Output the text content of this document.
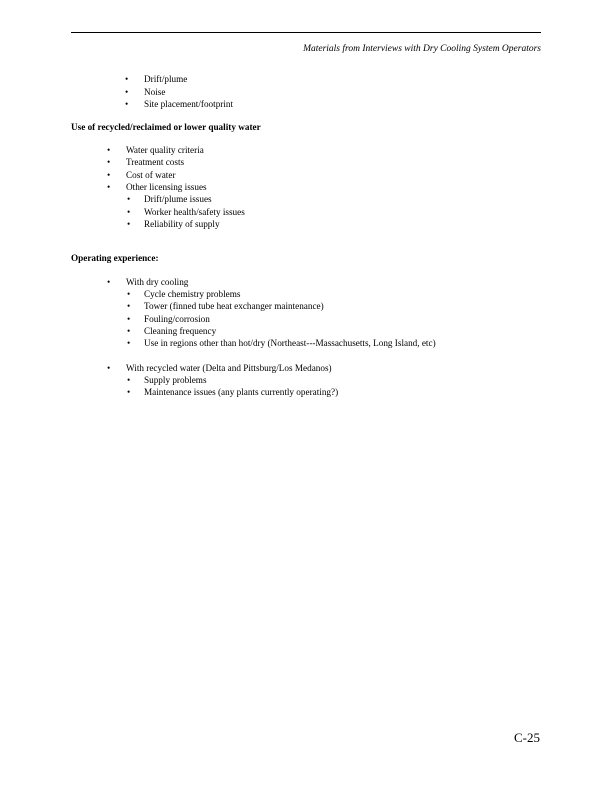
Materials from Interviews with Dry Cooling System Operators
• Drift/plume
• Noise
• Site placement/footprint
Use of recycled/reclaimed or lower quality water
• Water quality criteria
• Treatment costs
• Cost of water
• Other licensing issues
• Drift/plume issues
• Worker health/safety issues
• Reliability of supply
Operating experience:
• With dry cooling
• Cycle chemistry problems
• Tower (finned tube heat exchanger maintenance)
• Fouling/corrosion
• Cleaning frequency
• Use in regions other than hot/dry (Northeast---Massachusetts, Long Island, etc)
• With recycled water (Delta and Pittsburg/Los Medanos)
• Supply problems
• Maintenance issues (any plants currently operating?)
C-25
